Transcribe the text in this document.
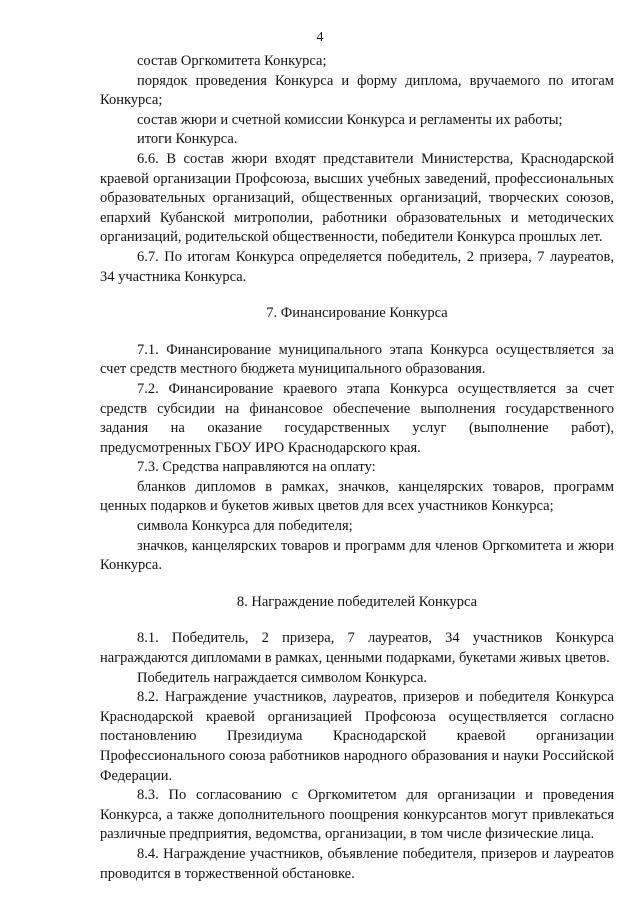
4

состав Оргкомитета Конкурса;

порядок проведения Конкурса и форму диплома, вручаемого по итогам Конкурса;

состав жюри и счетной комиссии Конкурса и регламенты их работы;

итоги Конкурса.

6.6. В состав жюри входят представители Министерства, Краснодарской краевой организации Профсоюза, высших учебных заведений, профессиональных образовательных организаций, общественных организаций, творческих союзов, епархий Кубанской митрополии, работники образовательных и методических организаций, родительской общественности, победители Конкурса прошлых лет.

6.7. По итогам Конкурса определяется победитель, 2 призера, 7 лауреатов, 34 участника Конкурса.

7. Финансирование Конкурса

7.1. Финансирование муниципального этапа Конкурса осуществляется за счет средств местного бюджета муниципального образования.

7.2. Финансирование краевого этапа Конкурса осуществляется за счет средств субсидии на финансовое обеспечение выполнения государственного задания на оказание государственных услуг (выполнение работ), предусмотренных ГБОУ ИРО Краснодарского края.

7.3. Средства направляются на оплату:

бланков дипломов в рамках, значков, канцелярских товаров, программ ценных подарков и букетов живых цветов для всех участников Конкурса;

символа Конкурса для победителя;

значков, канцелярских товаров и программ для членов Оргкомитета и жюри Конкурса.

8. Награждение победителей Конкурса

8.1. Победитель, 2 призера, 7 лауреатов, 34 участников Конкурса награждаются дипломами в рамках, ценными подарками, букетами живых цветов.

Победитель награждается символом Конкурса.

8.2. Награждение участников, лауреатов, призеров и победителя Конкурса Краснодарской краевой организацией Профсоюза осуществляется согласно постановлению Президиума Краснодарской краевой организации Профессионального союза работников народного образования и науки Российской Федерации.

8.3. По согласованию с Оргкомитетом для организации и проведения Конкурса, а также дополнительного поощрения конкурсантов могут привлекаться различные предприятия, ведомства, организации, в том числе физические лица.

8.4. Награждение участников, объявление победителя, призеров и лауреатов проводится в торжественной обстановке.
